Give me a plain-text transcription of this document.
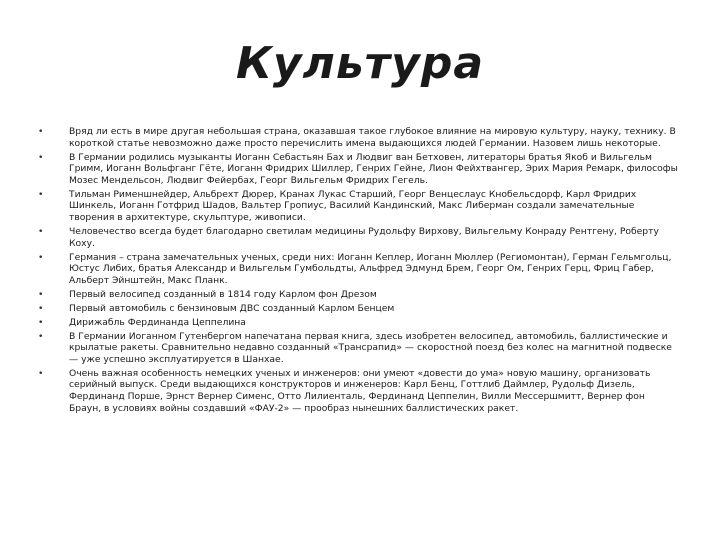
Культура
•	Вряд ли есть в мире другая небольшая страна, оказавшая такое глубокое влияние на мировую культуру, науку, технику. В короткой статье невозможно даже просто перечислить имена выдающихся людей Германии. Назовем лишь некоторые.
•	В Германии родились музыканты Иоганн Себастьян Бах и Людвиг ван Бетховен, литераторы братья Якоб и Вильгельм Гримм, Иоганн Вольфганг Гёте, Иоганн Фридрих Шиллер, Генрих Гейне, Лион Фейхтвангер, Эрих Мария Ремарк, философы Мозес Мендельсон, Людвиг Фейербах, Георг Вильгельм Фридрих Гегель.
•	Тильман Рименшнейдер, Альбрехт Дюрер, Кранах Лукас Старший, Георг Венцеслаус Кнобельсдорф, Карл Фридрих Шинкель, Иоганн Готфрид Шадов, Вальтер Гропиус, Василий Кандинский, Макс Либерман создали замечательные творения в архитектуре, скульптуре, живописи.
•	Человечество всегда будет благодарно светилам медицины Рудольфу Вирхову, Вильгельму Конраду Рентгену, Роберту Коху.
•	Германия – страна замечательных ученых, среди них: Иоганн Кеплер, Иоганн Мюллер (Региомонтан), Герман Гельмгольц, Юстус Либих, братья Александр и Вильгельм Гумбольдты, Альфред Эдмунд Брем, Георг Ом, Генрих Герц, Фриц Габер, Альберт Эйнштейн, Макс Планк.
•	Первый велосипед созданный в 1814 году Карлом фон Дрезом
•	Первый автомобиль с бензиновым ДВС созданный Карлом Бенцем
•	Дирижабль Фердинанда Цеппелина
•	В Германии Иоганном Гутенбергом напечатана первая книга, здесь изобретен велосипед, автомобиль, баллистические и крылатые ракеты. Сравнительно недавно созданный «Трансрапид» — скоростной поезд без колес на магнитной подвеске — уже успешно эксплуатируется в Шанхае.
•	Очень важная особенность немецких ученых и инженеров: они умеют «довести до ума» новую машину, организовать серийный выпуск. Среди выдающихся конструкторов и инженеров: Карл Бенц, Готтлиб Даймлер, Рудольф Дизель, Фердинанд Порше, Эрнст Вернер Сименс, Отто Лилиенталь, Фердинанд Цеппелин, Вилли Мессершмитт, Вернер фон Браун, в условиях войны создавший «ФАУ-2» — прообраз нынешних баллистических ракет.
